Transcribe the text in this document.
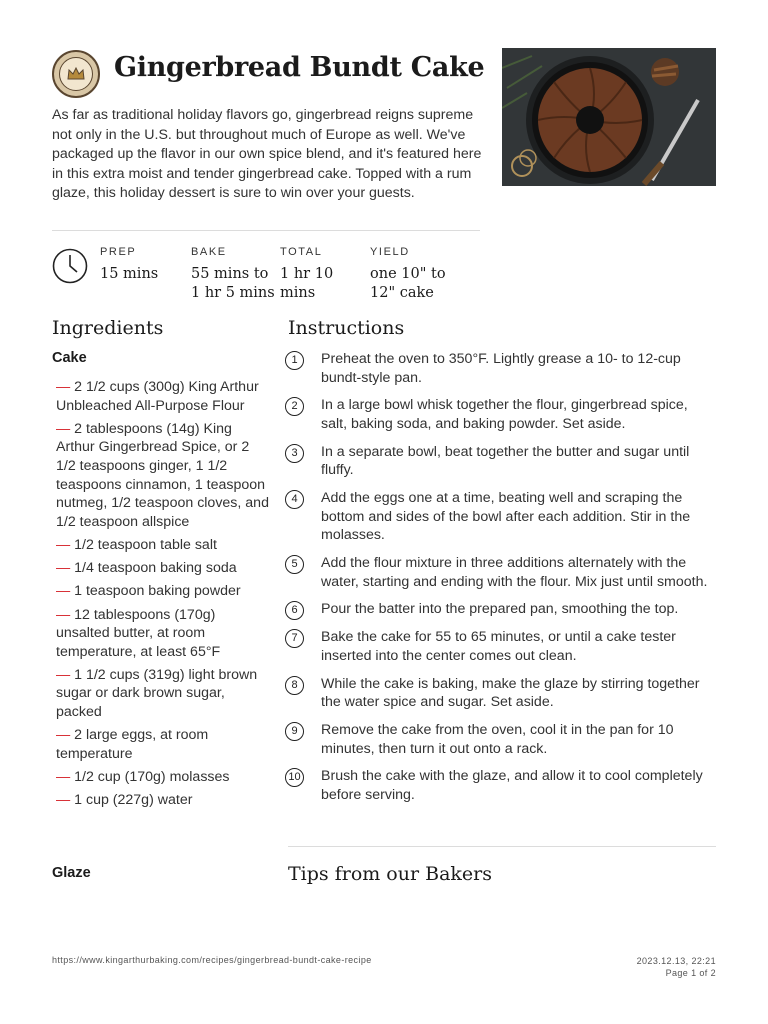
Gingerbread Bundt Cake

As far as traditional holiday flavors go, gingerbread reigns supreme not only in the U.S. but throughout much of Europe as well. We've packaged up the flavor in our own spice blend, and it's featured here in this extra moist and tender gingerbread cake. Topped with a rum glaze, this holiday dessert is sure to win over your guests.

PREP
15 mins
BAKE
55 mins to
1 hr 5 mins
TOTAL
1 hr 10
mins
YIELD
one 10" to
12" cake
Ingredients
Cake
— 2 1/2 cups (300g) King Arthur Unbleached All-Purpose Flour
— 2 tablespoons (14g) King Arthur Gingerbread Spice, or 2 1/2 teaspoons ginger, 1 1/2 teaspoons cinnamon, 1 teaspoon nutmeg, 1/2 teaspoon cloves, and 1/2 teaspoon allspice
— 1/2 teaspoon table salt
— 1/4 teaspoon baking soda
— 1 teaspoon baking powder
— 12 tablespoons (170g) unsalted butter, at room temperature, at least 65°F
— 1 1/2 cups (319g) light brown sugar or dark brown sugar, packed
— 2 large eggs, at room temperature
— 1/2 cup (170g) molasses
— 1 cup (227g) water
Glaze
Instructions
1	Preheat the oven to 350°F. Lightly grease a 10- to 12-cup bundt-style pan.
2	In a large bowl whisk together the flour, gingerbread spice, salt, baking soda, and baking powder. Set aside.
3	In a separate bowl, beat together the butter and sugar until fluffy.
4	Add the eggs one at a time, beating well and scraping the bottom and sides of the bowl after each addition. Stir in the molasses.
5	Add the flour mixture in three additions alternately with the water, starting and ending with the flour. Mix just until smooth.
6	Pour the batter into the prepared pan, smoothing the top.
7	Bake the cake for 55 to 65 minutes, or until a cake tester inserted into the center comes out clean.
8	While the cake is baking, make the glaze by stirring together the water spice and sugar. Set aside.
9	Remove the cake from the oven, cool it in the pan for 10 minutes, then turn it out onto a rack.
10 Brush the cake with the glaze, and allow it to cool completely before serving.
Tips from our Bakers
https://www.kingarthurbaking.com/recipes/gingerbread-bundt-cake-recipe	2023.12.13, 22:21
Page 1 of 2
